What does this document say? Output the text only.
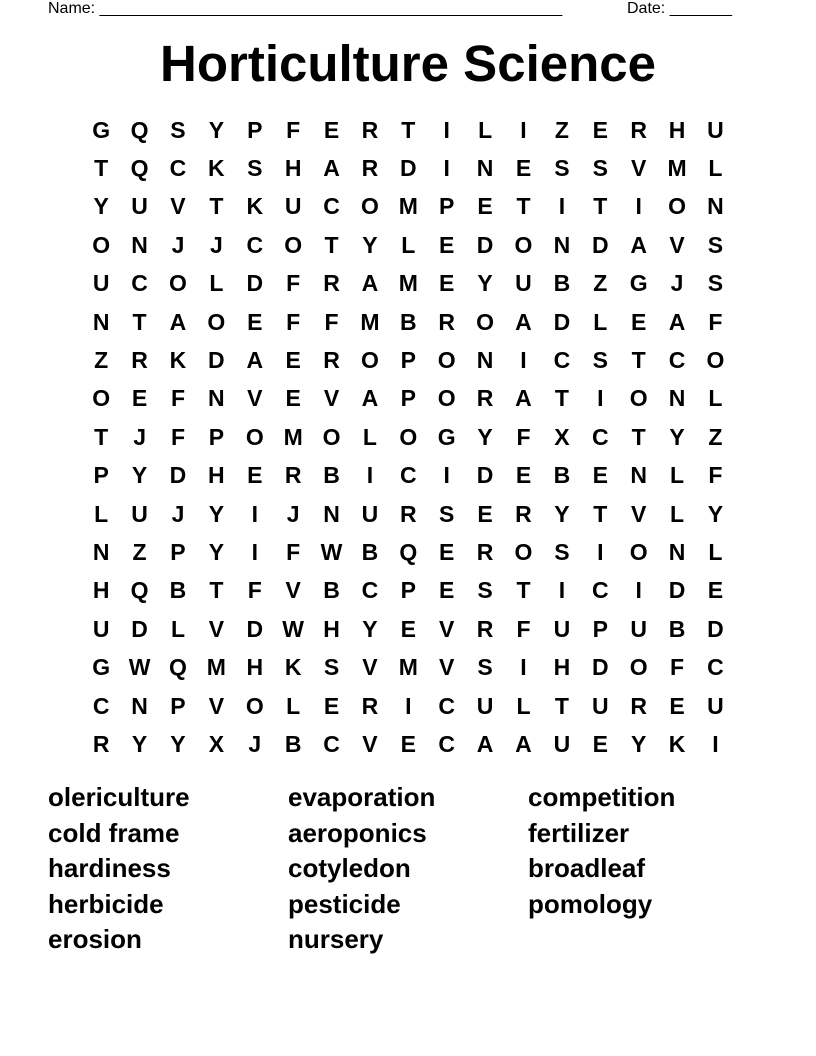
Name: ____________________________________________________	Date: _______
Horticulture Science
G Q S	Y	P	F	E R	T	I	L	I	Z	E R H U
T Q C K S H A R D	I	N E	S	S	V M L
Y U V	T	K U C O M P	E	T	I	T	I	O N
O N	J	J	C O T	Y	L	E D O N D A V	S
U C O L	D	F	R A M E	Y U B	Z G	J	S
N	T	A O E	F	F M B R O A D	L	E A	F
Z	R K D A E R O P O N	I	C S	T	C O
O E	F	N V	E	V A P O R A	T	I	O N	L
T	J	F	P O M O L O G Y	F	X C	T	Y	Z
P	Y D H E R B	I	C	I	D E B E N	L	F
L	U	J	Y	I	J	N U R S	E R Y	T	V	L	Y
N	Z	P	Y	I	F W B Q E R O S	I	O N	L
H Q B	T	F	V B C P	E	S	T	I	C	I	D E
U D	L	V D W H Y	E	V R	F	U P U B D
G W Q M H K S	V M V	S	I	H D O F	C
C N P	V O L	E R	I	C U	L	T	U R E U
R Y	Y	X	J	B C V	E C A A U E	Y K	I
olericulture
cold frame
hardiness
herbicide
erosion
evaporation
aeroponics
cotyledon
pesticide
nursery
competition
fertilizer
broadleaf
pomology
